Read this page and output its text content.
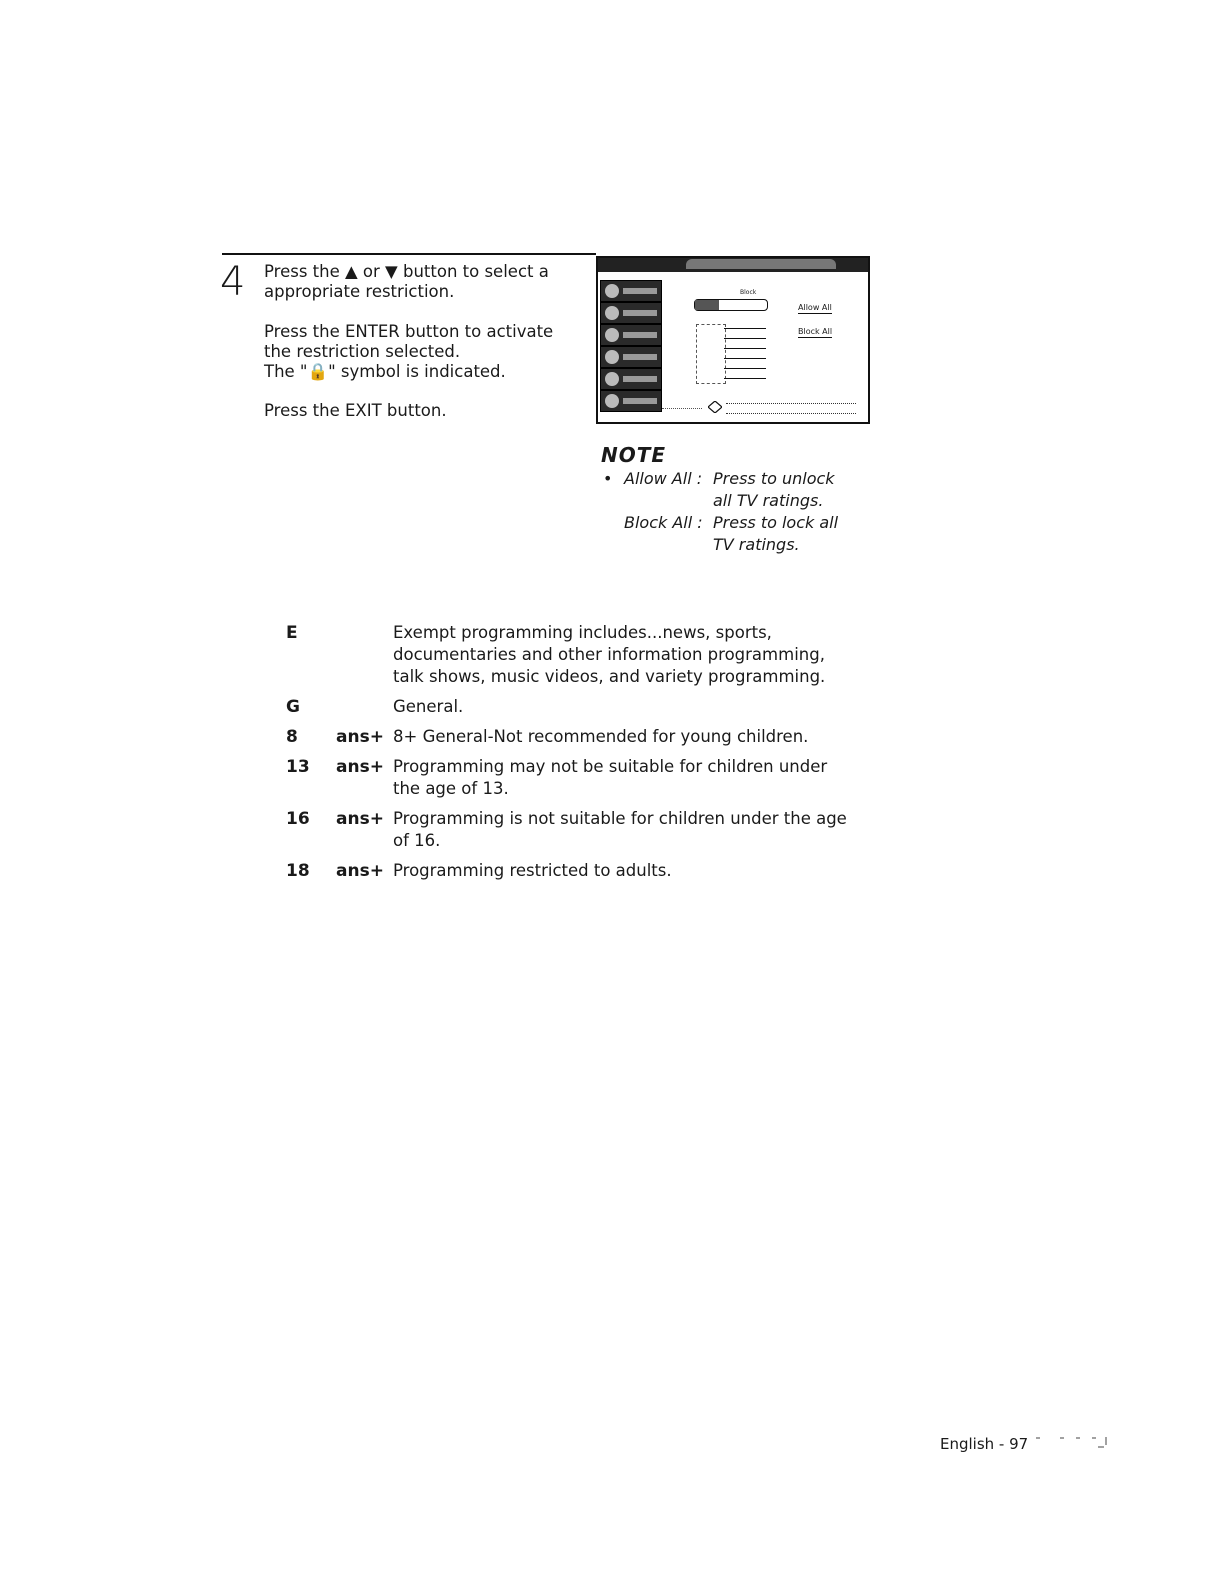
4 Press the ▲ or ▼ button to select a appropriate restriction.

Press the ENTER button to activate the restriction selected.

The "🔒" symbol is indicated.

Press the EXIT button.

Block
Allow All
Block All
NOTE
• Allow All : Press to unlock
all TV ratings.
Block All : Press to lock all
TV ratings.
E	Exempt programming includes...news, sports, documentaries and other information programming, talk shows, music videos, and variety programming.
G	General.
8	ans+ 8+ General-Not recommended for young children.
13	ans+ Programming may not be suitable for children under the age of 13.
16	ans+ Programming is not suitable for children under the age of 16.
18	ans+ Programming restricted to adults.
English - 97
